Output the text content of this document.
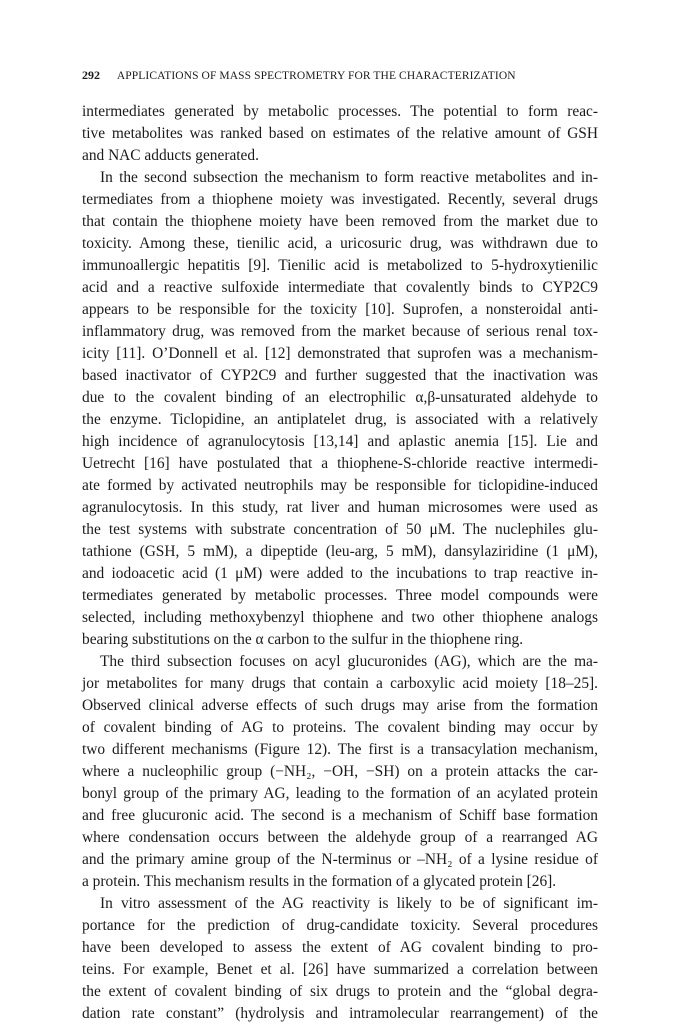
292 APPLICATIONS OF MASS SPECTROMETRY FOR THE CHARACTERIZATION
intermediates generated by metabolic processes. The potential to form reac-
tive metabolites was ranked based on estimates of the relative amount of GSH
and NAC adducts generated.
In the second subsection the mechanism to form reactive metabolites and in-
termediates from a thiophene moiety was investigated. Recently, several drugs
that contain the thiophene moiety have been removed from the market due to
toxicity. Among these, tienilic acid, a uricosuric drug, was withdrawn due to
immunoallergic hepatitis [9]. Tienilic acid is metabolized to 5-hydroxytienilic
acid and a reactive sulfoxide intermediate that covalently binds to CYP2C9
appears to be responsible for the toxicity [10]. Suprofen, a nonsteroidal anti-
inflammatory drug, was removed from the market because of serious renal tox-
icity [11]. O’Donnell et al. [12] demonstrated that suprofen was a mechanism-
based inactivator of CYP2C9 and further suggested that the inactivation was
due to the covalent binding of an electrophilic α,β-unsaturated aldehyde to
the enzyme. Ticlopidine, an antiplatelet drug, is associated with a relatively
high incidence of agranulocytosis [13,14] and aplastic anemia [15]. Lie and
Uetrecht [16] have postulated that a thiophene-S-chloride reactive intermedi-
ate formed by activated neutrophils may be responsible for ticlopidine-induced
agranulocytosis. In this study, rat liver and human microsomes were used as
the test systems with substrate concentration of 50 μM. The nuclephiles glu-
tathione (GSH, 5 mM), a dipeptide (leu-arg, 5 mM), dansylaziridine (1 μM),
and iodoacetic acid (1 μM) were added to the incubations to trap reactive in-
termediates generated by metabolic processes. Three model compounds were
selected, including methoxybenzyl thiophene and two other thiophene analogs
bearing substitutions on the α carbon to the sulfur in the thiophene ring.
The third subsection focuses on acyl glucuronides (AG), which are the ma-
jor metabolites for many drugs that contain a carboxylic acid moiety [18–25].
Observed clinical adverse effects of such drugs may arise from the formation
of covalent binding of AG to proteins. The covalent binding may occur by
two different mechanisms (Figure 12). The first is a transacylation mechanism,
where a nucleophilic group (−NH₂, −OH, −SH) on a protein attacks the car-
bonyl group of the primary AG, leading to the formation of an acylated protein
and free glucuronic acid. The second is a mechanism of Schiff base formation
where condensation occurs between the aldehyde group of a rearranged AG
and the primary amine group of the N-terminus or –NH₂ of a lysine residue of
a protein. This mechanism results in the formation of a glycated protein [26].
In vitro assessment of the AG reactivity is likely to be of significant im-
portance for the prediction of drug-candidate toxicity. Several procedures
have been developed to assess the extent of AG covalent binding to pro-
teins. For example, Benet et al. [26] have summarized a correlation between
the extent of covalent binding of six drugs to protein and the “global degra-
dation rate constant” (hydrolysis and intramolecular rearrangement) of the
